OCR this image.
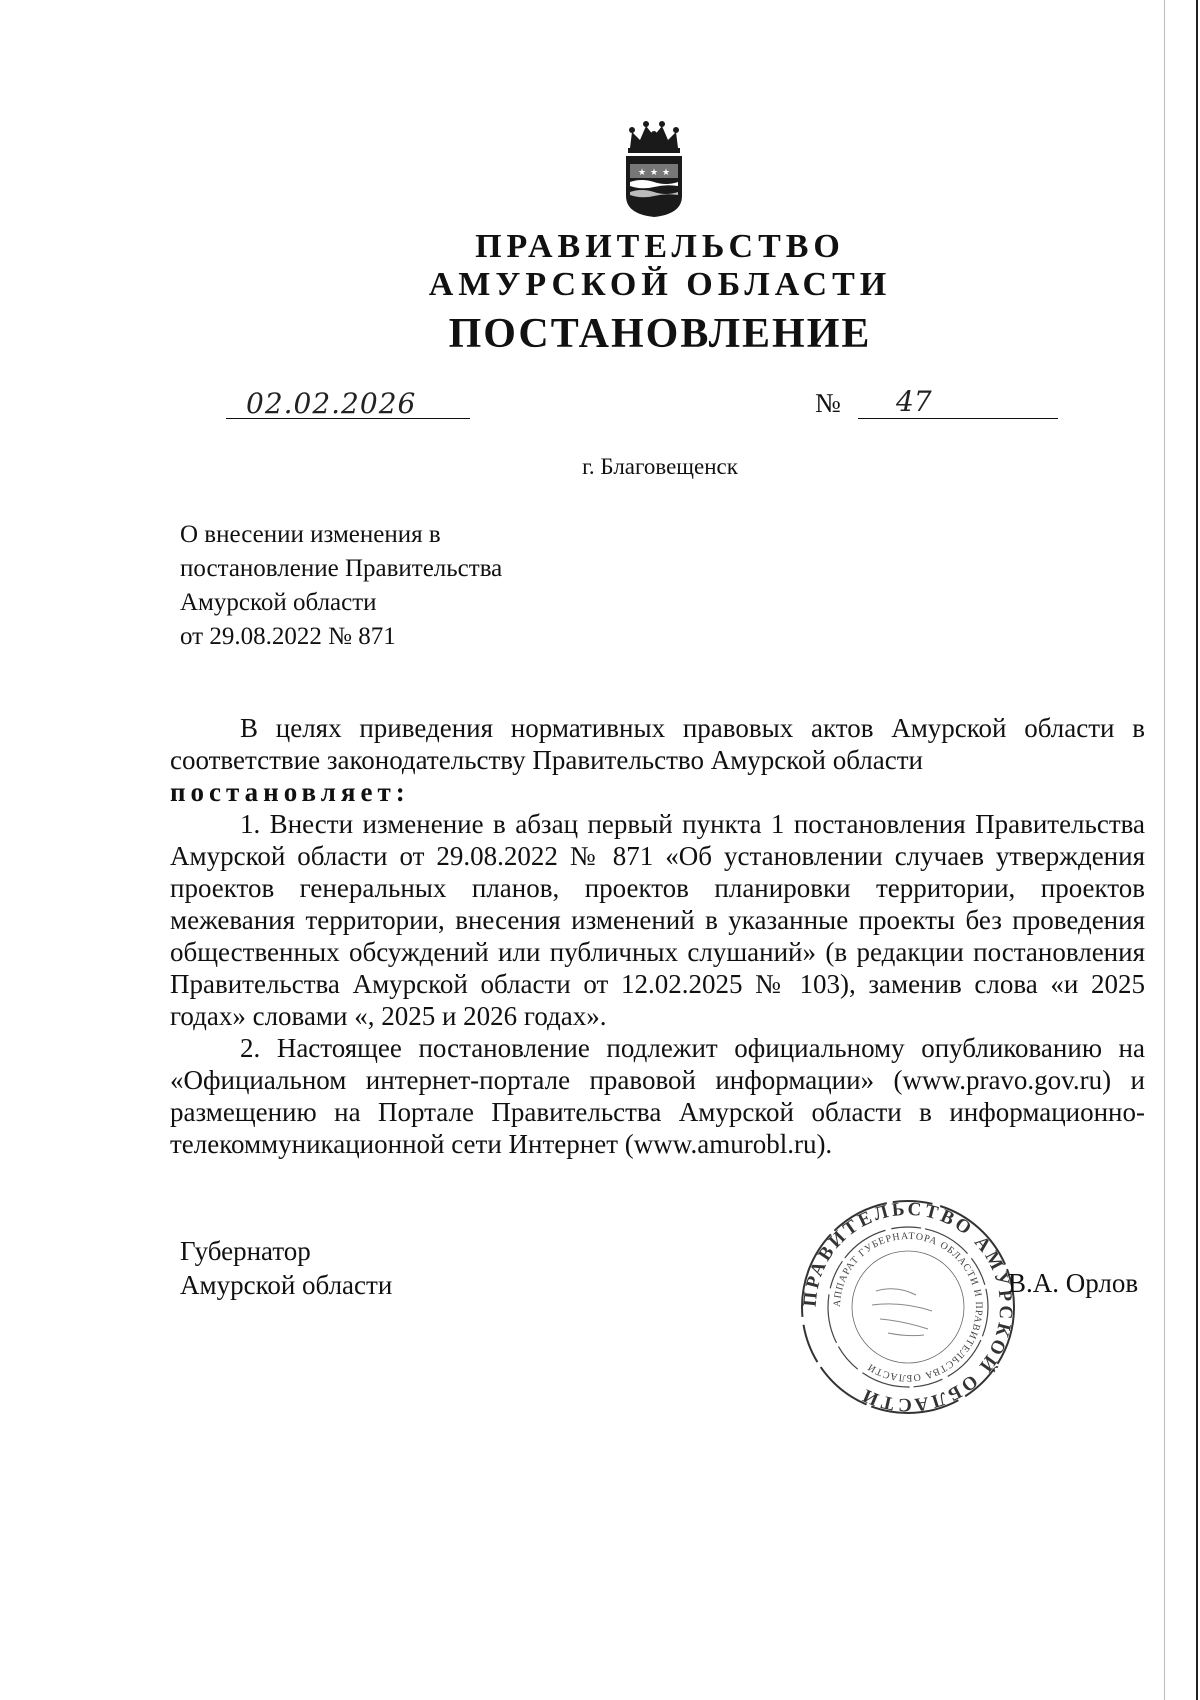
★ ★ ★
ПРАВИТЕЛЬСТВО
АМУРСКОЙ ОБЛАСТИ
ПОСТАНОВЛЕНИЕ
02.02.2026	№ 47
г. Благовещенск
О внесении изменения в
постановление Правительства
Амурской области
от 29.08.2022 № 871

В целях приведения нормативных правовых актов Амурской области в соответствие законодательству Правительство Амурской области

постановляет:

1. Внести изменение в абзац первый пункта 1 постановления Правительства Амурской области от 29.08.2022 № 871 «Об установлении случаев утверждения проектов генеральных планов, проектов планировки территории, проектов межевания территории, внесения изменений в указанные проекты без проведения общественных обсуждений или публичных слушаний» (в редакции постановления Правительства Амурской области от 12.02.2025 № 103), заменив слова «и 2025 годах» словами «, 2025 и 2026 годах».

2. Настоящее постановление подлежит официальному опубликованию на «Официальном интернет-портале правовой информации» (www.pravo.gov.ru) и размещению на Портале Правительства Амурской области в информационно-телекоммуникационной сети Интернет (www.amurobl.ru).

Губернатор
Амурской области	ПРАВИТЕЛЬСТВО АМУРСКОЙ ОБЛАСТИ
АППАРАТ ГУБЕРНАТОРА ОБЛАСТИ И ПРАВИТЕЛЬСТВА ОБЛАСТИ
В.А. Орлов
